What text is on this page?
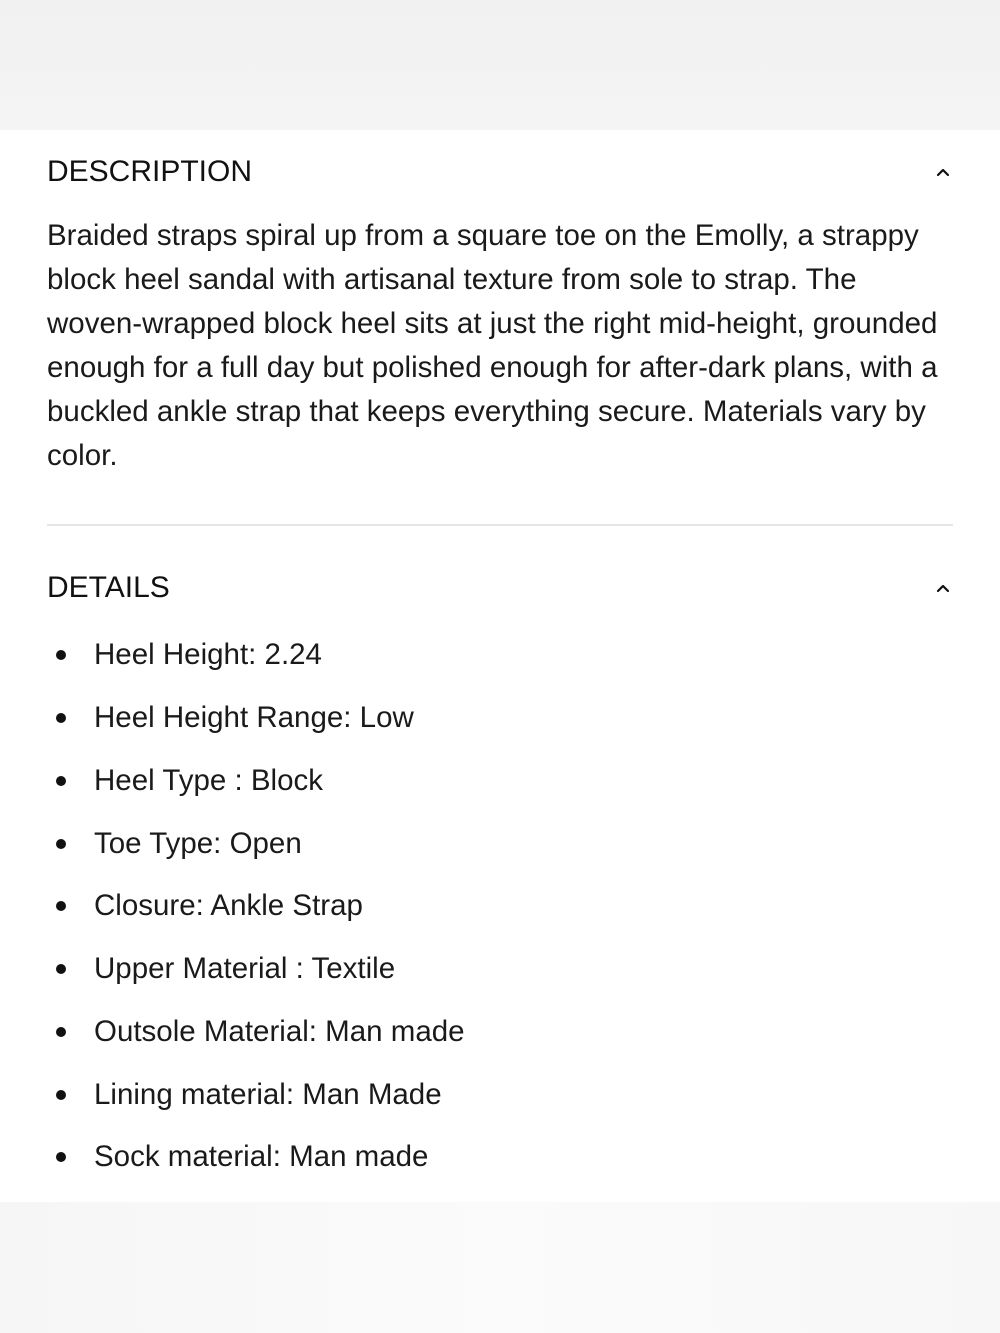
DESCRIPTION

Braided straps spiral up from a square toe on the Emolly, a strappy block heel sandal with artisanal texture from sole to strap. The woven-wrapped block heel sits at just the right mid-height, grounded enough for a full day but polished enough for after-dark plans, with a buckled ankle strap that keeps everything secure. Materials vary by color.

DETAILS
Heel Height: 2.24
Heel Height Range: Low
Heel Type : Block
Toe Type: Open
Closure: Ankle Strap
Upper Material : Textile
Outsole Material: Man made
Lining material: Man Made
Sock material: Man made
